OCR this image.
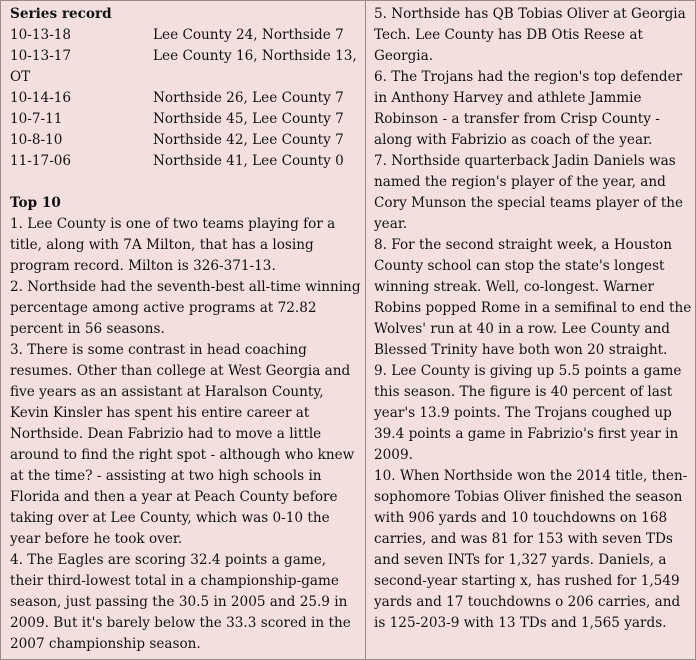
Series record
10-13-18	Lee County 24, Northside 7
10-13-17	Lee County 16, Northside 13,
OT
10-14-16	Northside 26, Lee County 7
10-7-11	Northside 45, Lee County 7
10-8-10	Northside 42, Lee County 7
11-17-06	Northside 41, Lee County 0
Top 10

1. Lee County is one of two teams playing for a title, along with 7A Milton, that has a losing program record. Milton is 326-371-13.

2. Northside had the seventh-best all-time winning percentage among active programs at 72.82 percent in 56 seasons.

3. There is some contrast in head coaching resumes. Other than college at West Georgia and five years as an assistant at Haralson County, Kevin Kinsler has spent his entire career at Northside. Dean Fabrizio had to move a little around to find the right spot - although who knew at the time? - assisting at two high schools in Florida and then a year at Peach County before taking over at Lee County, which was 0-10 the year before he took over.

4. The Eagles are scoring 32.4 points a game, their third-lowest total in a championship-game season, just passing the 30.5 in 2005 and 25.9 in 2009. But it's barely below the 33.3 scored in the 2007 championship season.

5. Northside has QB Tobias Oliver at Georgia Tech. Lee County has DB Otis Reese at Georgia.

6. The Trojans had the region's top defender in Anthony Harvey and athlete Jammie Robinson - a transfer from Crisp County - along with Fabrizio as coach of the year.

7. Northside quarterback Jadin Daniels was named the region's player of the year, and Cory Munson the special teams player of the year.

8. For the second straight week, a Houston County school can stop the state's longest winning streak. Well, co-longest. Warner Robins popped Rome in a semifinal to end the Wolves' run at 40 in a row. Lee County and Blessed Trinity have both won 20 straight.

9. Lee County is giving up 5.5 points a game this season. The figure is 40 percent of last year's 13.9 points. The Trojans coughed up 39.4 points a game in Fabrizio's first year in 2009.

10. When Northside won the 2014 title, then-sophomore Tobias Oliver finished the season with 906 yards and 10 touchdowns on 168 carries, and was 81 for 153 with seven TDs and seven INTs for 1,327 yards. Daniels, a second-year starting x, has rushed for 1,549 yards and 17 touchdowns o 206 carries, and is 125-203-9 with 13 TDs and 1,565 yards.
